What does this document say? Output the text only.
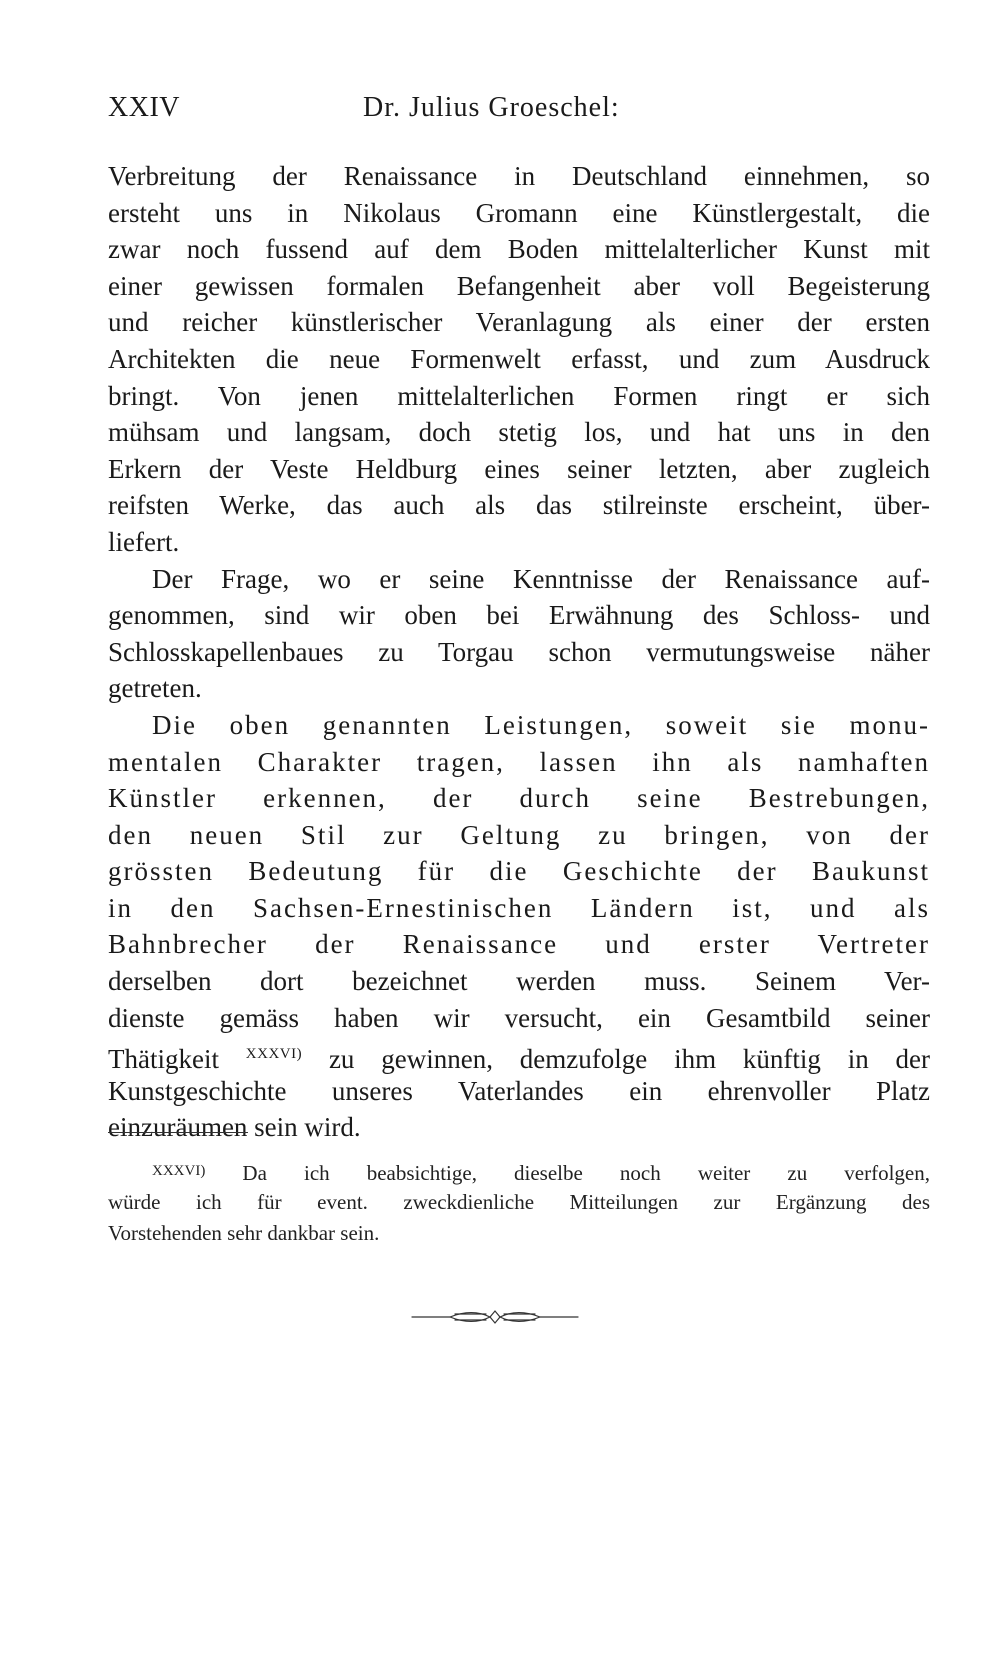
XXIV	Dr. Julius Groeschel:
Verbreitung der Renaissance in Deutschland einnehmen, so
ersteht uns in Nikolaus Gromann eine Künstlergestalt, die
zwar noch fussend auf dem Boden mittelalterlicher Kunst mit
einer gewissen formalen Befangenheit aber voll Begeisterung
und reicher künstlerischer Veranlagung als einer der ersten
Architekten die neue Formenwelt erfasst, und zum Ausdruck
bringt. Von jenen mittelalterlichen Formen ringt er sich
mühsam und langsam, doch stetig los, und hat uns in den
Erkern der Veste Heldburg eines seiner letzten, aber zugleich
reifsten Werke, das auch als das stilreinste erscheint, über-
liefert.
Der Frage, wo er seine Kenntnisse der Renaissance auf-
genommen, sind wir oben bei Erwähnung des Schloss- und
Schlosskapellenbaues zu Torgau schon vermutungsweise näher
getreten.
Die oben genannten Leistungen, soweit sie monu-
mentalen Charakter tragen, lassen ihn als namhaften
Künstler erkennen, der durch seine Bestrebungen,
den neuen Stil zur Geltung zu bringen, von der
grössten Bedeutung für die Geschichte der Baukunst
in den Sachsen-Ernestinischen Ländern ist, und als
Bahnbrecher der Renaissance und erster Vertreter
derselben dort bezeichnet werden muss. Seinem Ver-
dienste gemäss haben wir versucht, ein Gesamtbild seiner
Thätigkeit $^{XXXVI)}$ zu gewinnen, demzufolge ihm künftig in der
Kunstgeschichte unseres Vaterlandes ein ehrenvoller Platz
einzuräumen sein wird.
$^{XXXVI)}$ Da ich beabsichtige, dieselbe noch weiter zu verfolgen,
würde ich für event. zweckdienliche Mitteilungen zur Ergänzung des
Vorstehenden sehr dankbar sein.
